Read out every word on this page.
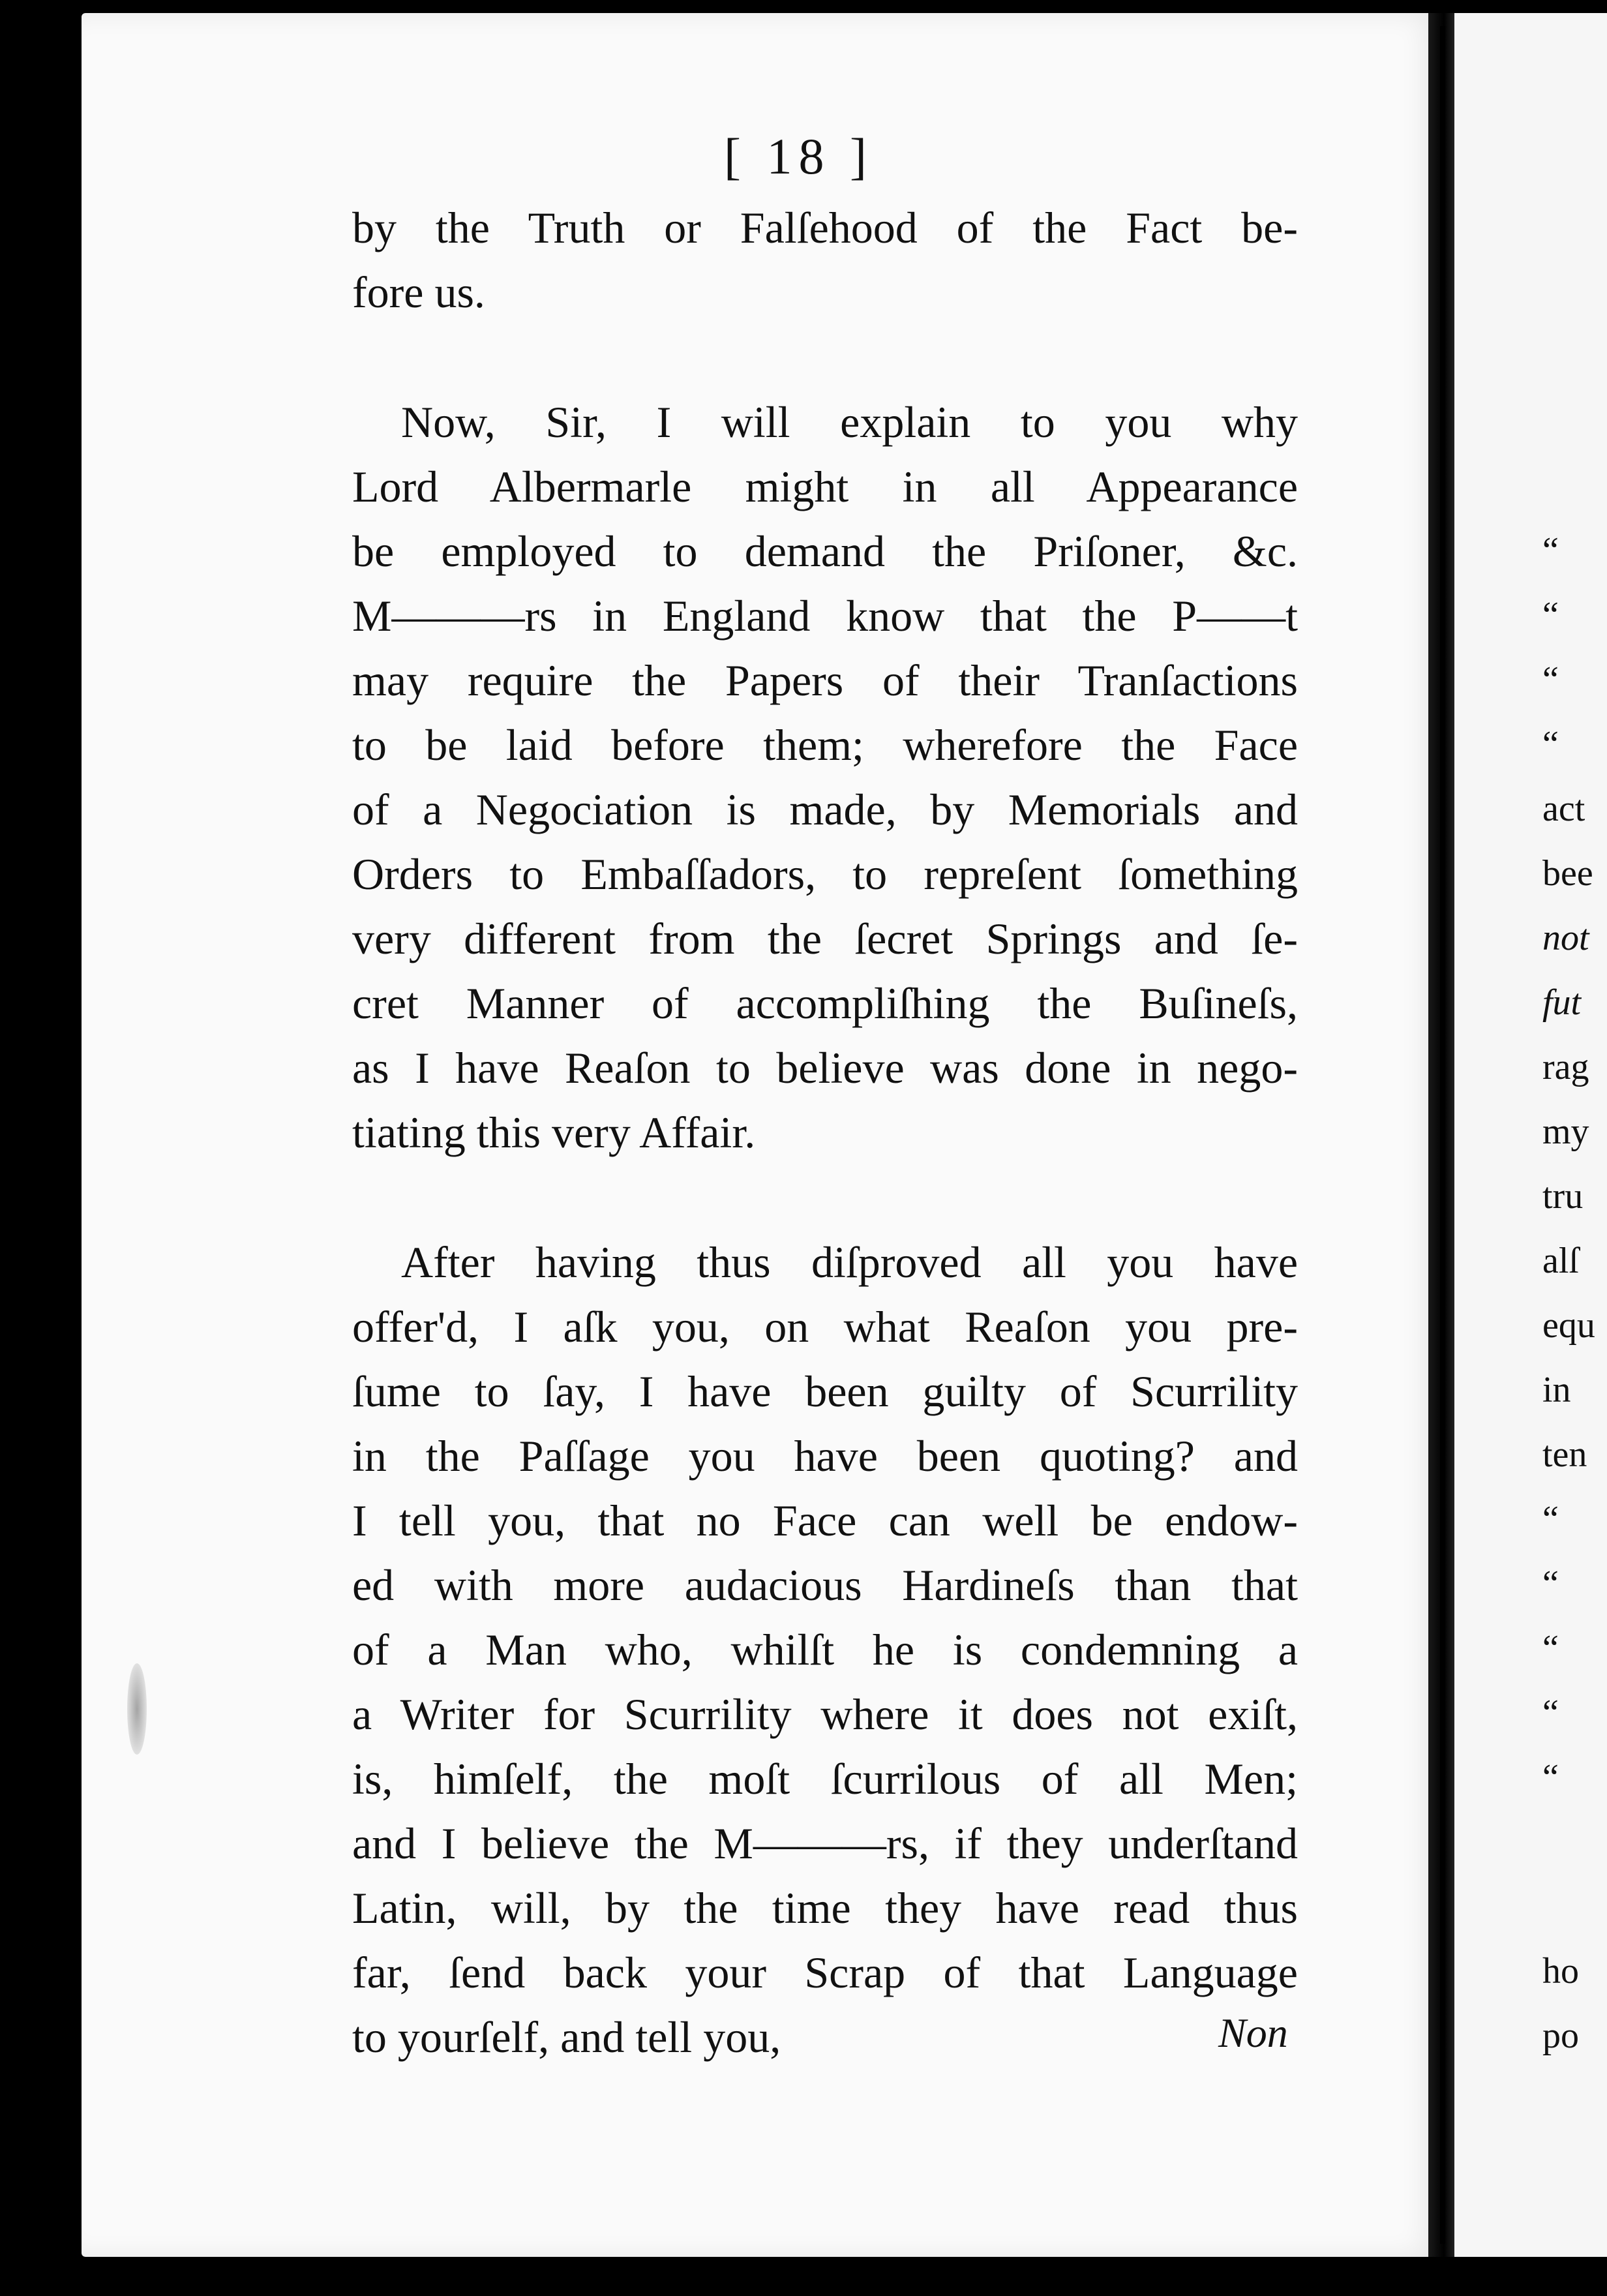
[ 18 ]
by the Truth or Falſehood of the Fact be-
fore us.
Now, Sir, I will explain to you why
Lord Albermarle might in all Appearance
be employed to demand the Priſoner, &c.
M———rs in England know that the P——t
may require the Papers of their Tranſactions
to be laid before them; wherefore the Face
of a Negociation is made, by Memorials and
Orders to Embaſſadors, to repreſent ſomething
very different from the ſecret Springs and ſe-
cret Manner of accompliſhing the Buſineſs,
as I have Reaſon to believe was done in nego-
tiating this very Affair.
After having thus diſproved all you have
offer'd, I aſk you, on what Reaſon you pre-
ſume to ſay, I have been guilty of Scurrility
in the Paſſage you have been quoting? and
I tell you, that no Face can well be endow-
ed with more audacious Hardineſs than that
of a Man who, whilſt he is condemning a
a Writer for Scurrility where it does not exiſt,
is, himſelf, the moſt ſcurrilous of all Men;
and I believe the M———rs, if they underſtand
Latin, will, by the time they have read thus
far, ſend back your Scrap of that Language
to yourſelf, and tell you,	Non
“
“
“
“
act
bee
not
fut
rag
my
tru
alſ
equ
in
ten
“
“
“
“
“
ho
po
